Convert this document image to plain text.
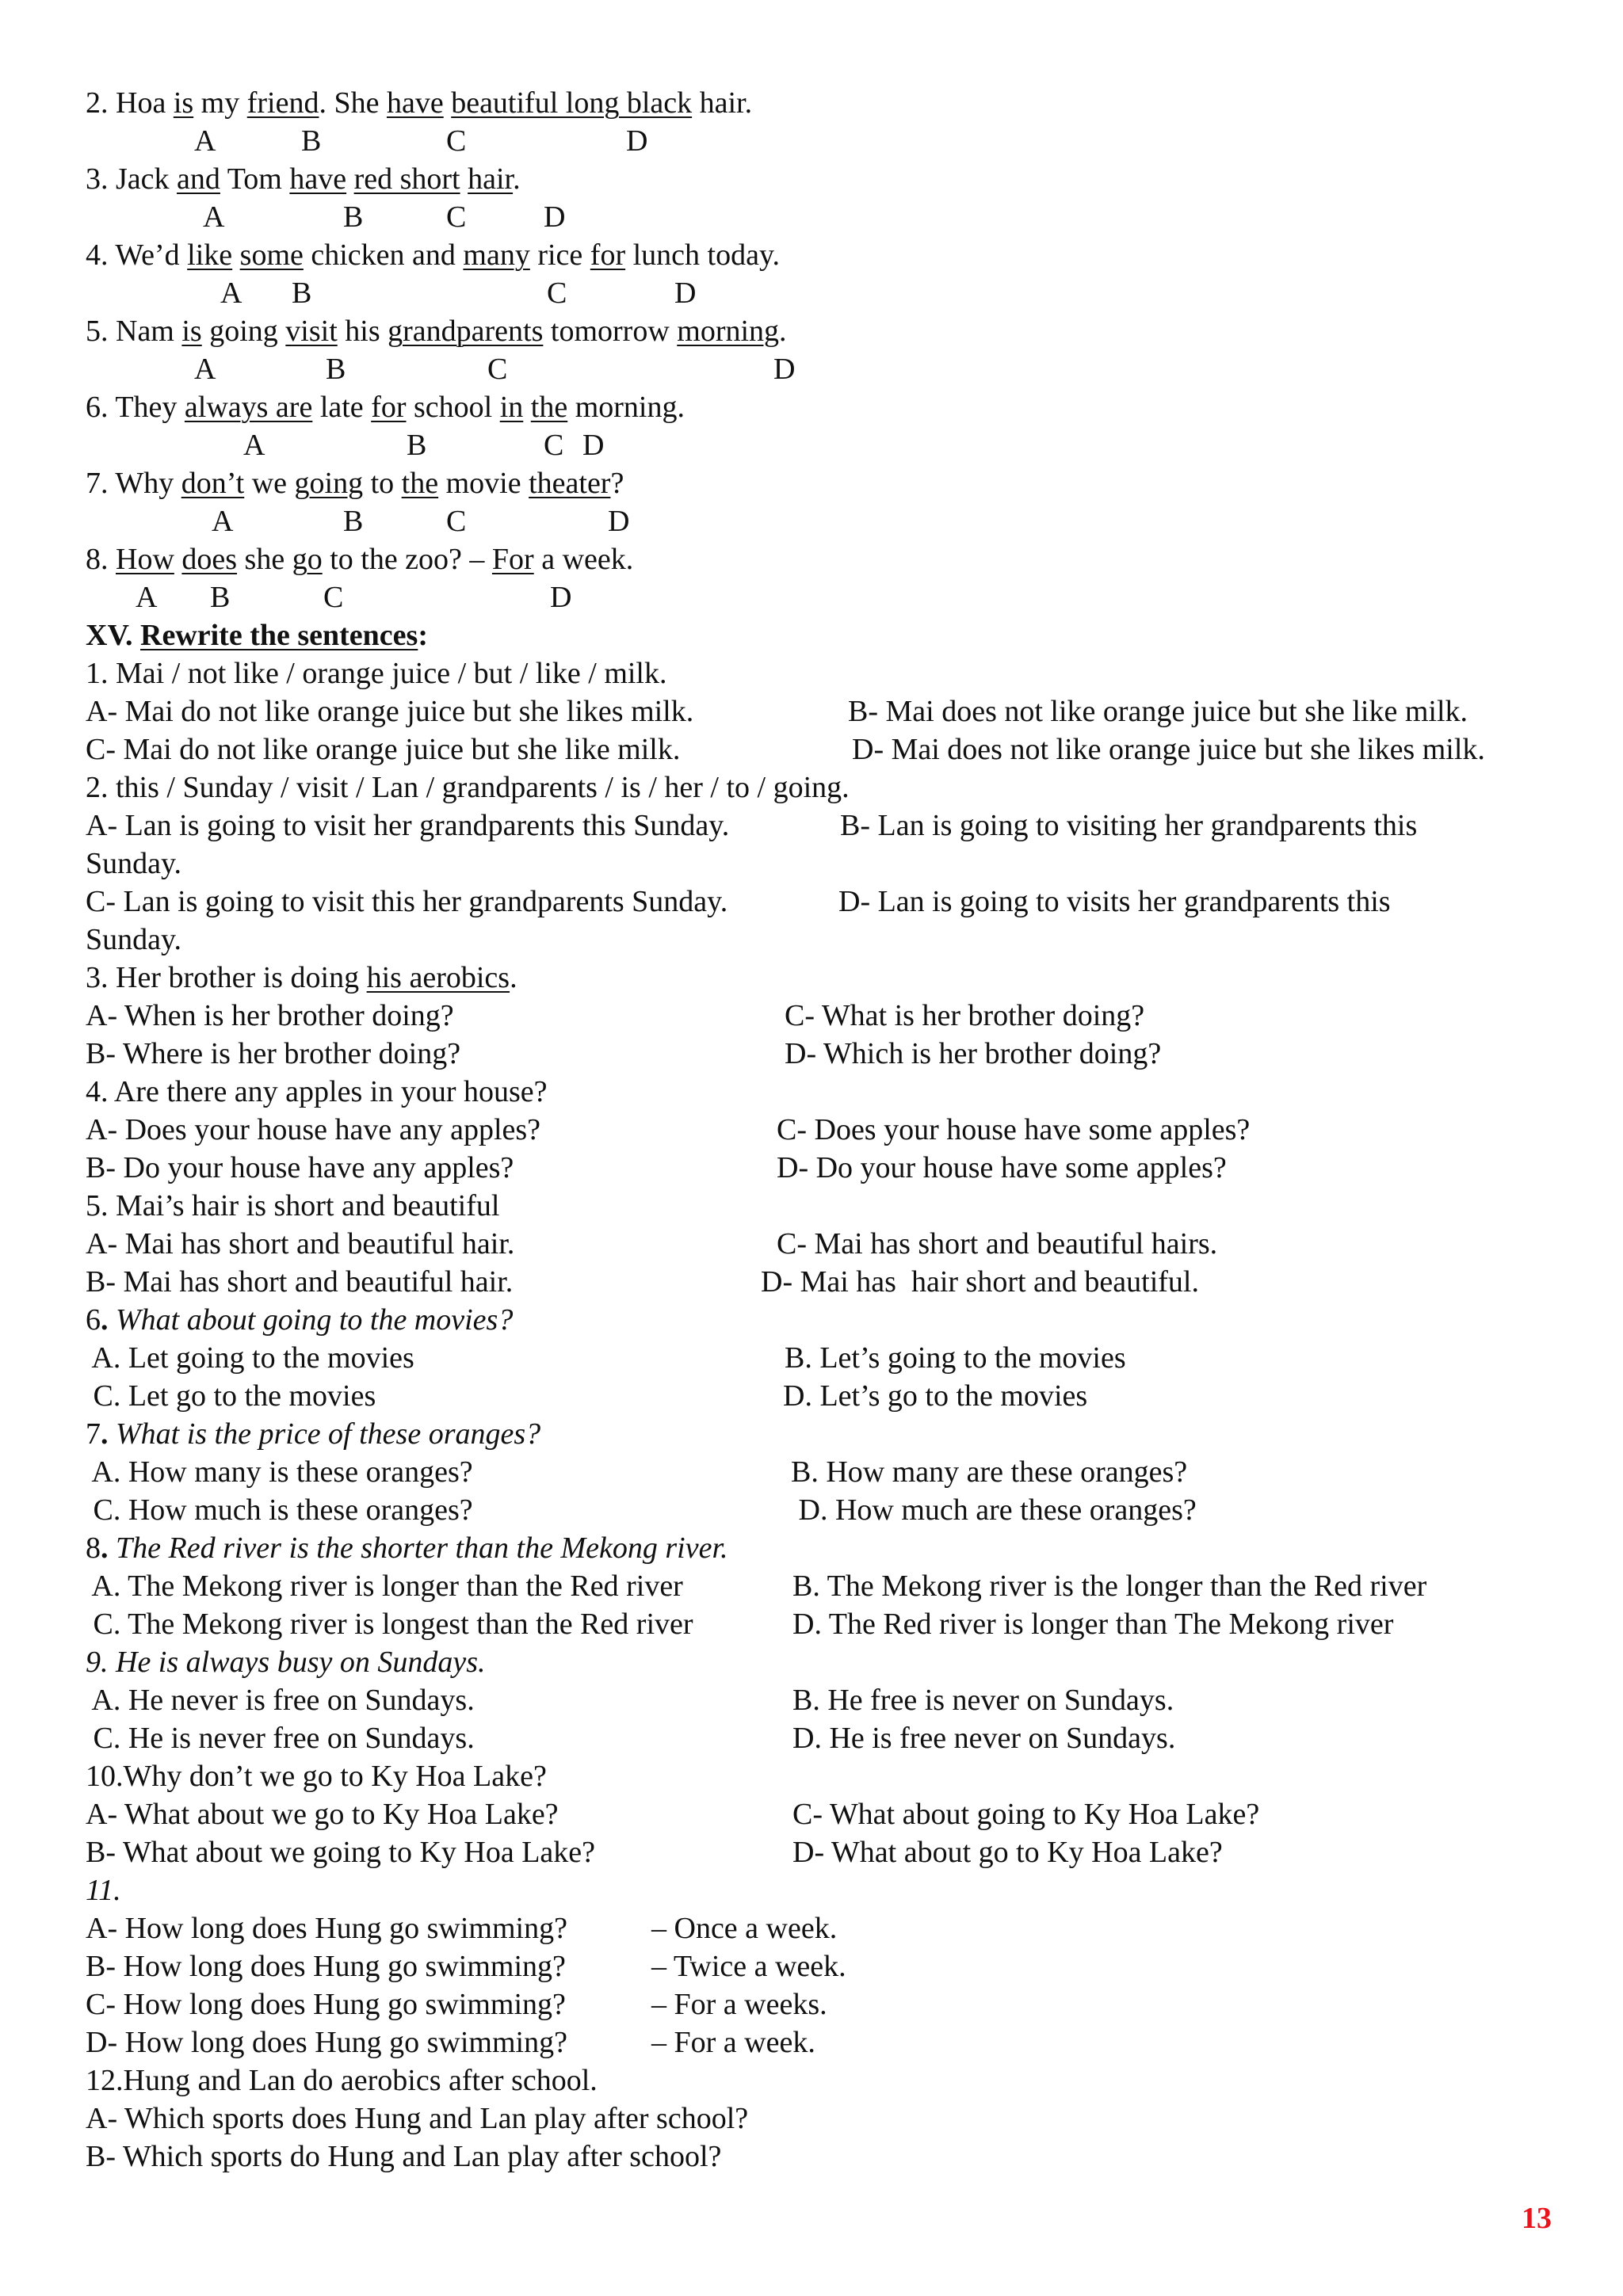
2. Hoa is my friend. She have beautiful long black hair.
A	B	C	D
3. Jack and Tom have red short hair.
A	B	C	D
4. We’d like some chicken and many rice for lunch today.
A B	C	D
5. Nam is going visit his grandparents tomorrow morning.
A	B	C	D
6. They always are late for school in the morning.
A	B	C D
7. Why don’t we going to the movie theater?
A	B	C	D
8. How does she go to the zoo? – For a week.
A B	C	D
XV. Rewrite the sentences:
1. Mai / not like / orange juice / but / like / milk.
A- Mai do not like orange juice but she likes milk.	B- Mai does not like orange juice but she like milk.
C- Mai do not like orange juice but she like milk.	D- Mai does not like orange juice but she likes milk.
2. this / Sunday / visit / Lan / grandparents / is / her / to / going.
A- Lan is going to visit her grandparents this Sunday.	B- Lan is going to visiting her grandparents this
Sunday.
C- Lan is going to visit this her grandparents Sunday.	D- Lan is going to visits her grandparents this
Sunday.
3. Her brother is doing his aerobics.
A- When is her brother doing?	C- What is her brother doing?
B- Where is her brother doing?	D- Which is her brother doing?
4. Are there any apples in your house?
A- Does your house have any apples?	C- Does your house have some apples?
B- Do your house have any apples?	D- Do your house have some apples?
5. Mai’s hair is short and beautiful
A- Mai has short and beautiful hair.	C- Mai has short and beautiful hairs.
B- Mai has short and beautiful hair.	D- Mai has  hair short and beautiful.
6. What about going to the movies?
A. Let going to the movies	B. Let’s going to the movies
C. Let go to the movies	D. Let’s go to the movies
7. What is the price of these oranges?
A. How many is these oranges?	B. How many are these oranges?
C. How much is these oranges?	D. How much are these oranges?
8. The Red river is the shorter than the Mekong river.
A. The Mekong river is longer than the Red river	B. The Mekong river is the longer than the Red river
C. The Mekong river is longest than the Red river	D. The Red river is longer than The Mekong river
9. He is always busy on Sundays.
A. He never is free on Sundays.	B. He free is never on Sundays.
C. He is never free on Sundays.	D. He is free never on Sundays.
10.Why don’t we go to Ky Hoa Lake?
A- What about we go to Ky Hoa Lake?	C- What about going to Ky Hoa Lake?
B- What about we going to Ky Hoa Lake?	D- What about go to Ky Hoa Lake?
11.
A- How long does Hung go swimming?	– Once a week.
B- How long does Hung go swimming?	– Twice a week.
C- How long does Hung go swimming?	– For a weeks.
D- How long does Hung go swimming?	– For a week.
12.Hung and Lan do aerobics after school.
A- Which sports does Hung and Lan play after school?
B- Which sports do Hung and Lan play after school?
13
